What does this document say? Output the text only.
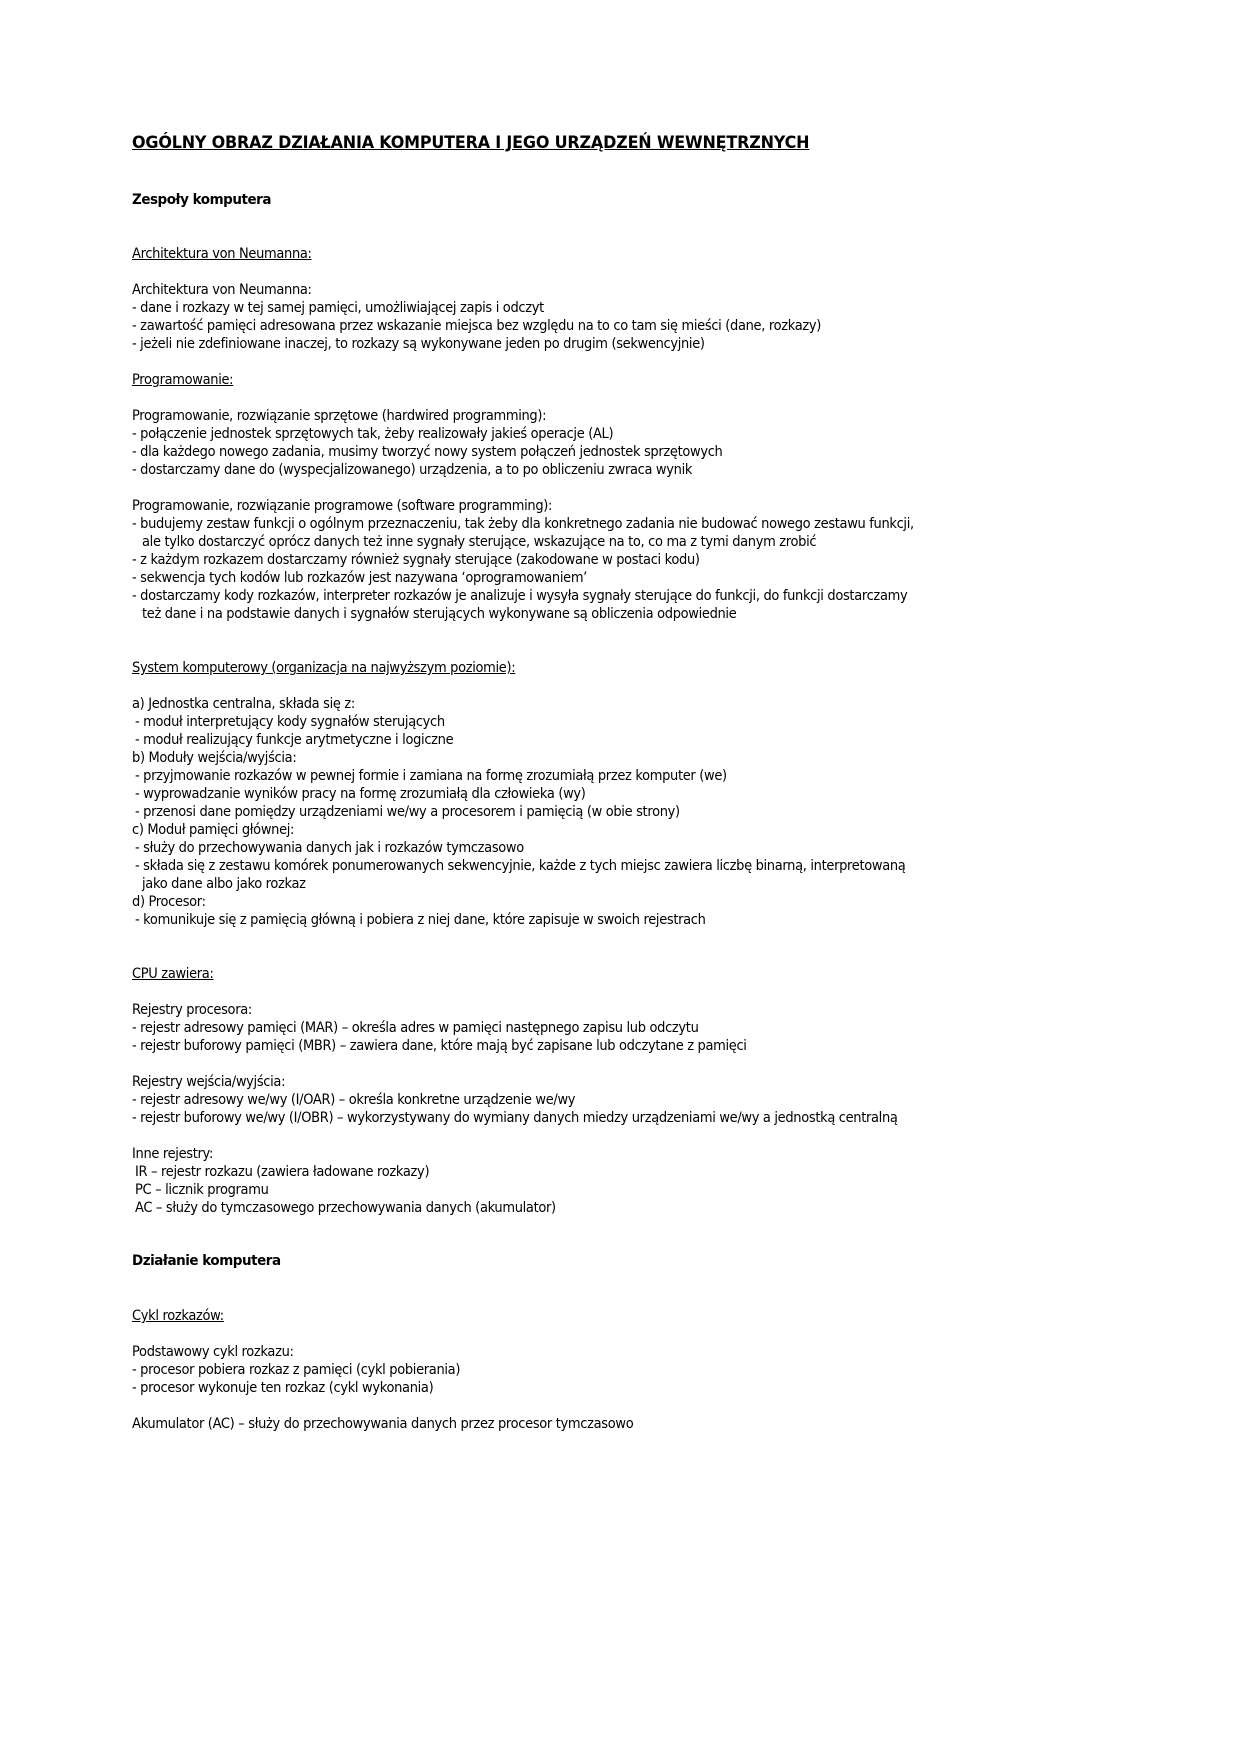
OGÓLNY OBRAZ DZIAŁANIA KOMPUTERA I JEGO URZĄDZEŃ WEWNĘTRZNYCH
Zespoły komputera
Architektura von Neumanna:
Architektura von Neumanna:
- dane i rozkazy w tej samej pamięci, umożliwiającej zapis i odczyt
- zawartość pamięci adresowana przez wskazanie miejsca bez względu na to co tam się mieści (dane, rozkazy)
- jeżeli nie zdefiniowane inaczej, to rozkazy są wykonywane jeden po drugim (sekwencyjnie)
Programowanie:
Programowanie, rozwiązanie sprzętowe (hardwired programming):
- połączenie jednostek sprzętowych tak, żeby realizowały jakieś operacje (AL)
- dla każdego nowego zadania, musimy tworzyć nowy system połączeń jednostek sprzętowych
- dostarczamy dane do (wyspecjalizowanego) urządzenia, a to po obliczeniu zwraca wynik
Programowanie, rozwiązanie programowe (software programming):
- budujemy zestaw funkcji o ogólnym przeznaczeniu, tak żeby dla konkretnego zadania nie budować nowego zestawu funkcji,
ale tylko dostarczyć oprócz danych też inne sygnały sterujące, wskazujące na to, co ma z tymi danym zrobić
- z każdym rozkazem dostarczamy również sygnały sterujące (zakodowane w postaci kodu)
- sekwencja tych kodów lub rozkazów jest nazywana ‘oprogramowaniem’
- dostarczamy kody rozkazów, interpreter rozkazów je analizuje i wysyła sygnały sterujące do funkcji, do funkcji dostarczamy
też dane i na podstawie danych i sygnałów sterujących wykonywane są obliczenia odpowiednie
System komputerowy (organizacja na najwyższym poziomie):
a) Jednostka centralna, składa się z:
- moduł interpretujący kody sygnałów sterujących
- moduł realizujący funkcje arytmetyczne i logiczne
b) Moduły wejścia/wyjścia:
- przyjmowanie rozkazów w pewnej formie i zamiana na formę zrozumiałą przez komputer (we)
- wyprowadzanie wyników pracy na formę zrozumiałą dla człowieka (wy)
- przenosi dane pomiędzy urządzeniami we/wy a procesorem i pamięcią (w obie strony)
c) Moduł pamięci głównej:
- służy do przechowywania danych jak i rozkazów tymczasowo
- składa się z zestawu komórek ponumerowanych sekwencyjnie, każde z tych miejsc zawiera liczbę binarną, interpretowaną
jako dane albo jako rozkaz
d) Procesor:
- komunikuje się z pamięcią główną i pobiera z niej dane, które zapisuje w swoich rejestrach
CPU zawiera:
Rejestry procesora:
- rejestr adresowy pamięci (MAR) – określa adres w pamięci następnego zapisu lub odczytu
- rejestr buforowy pamięci (MBR) – zawiera dane, które mają być zapisane lub odczytane z pamięci
Rejestry wejścia/wyjścia:
- rejestr adresowy we/wy (I/OAR) – określa konkretne urządzenie we/wy
- rejestr buforowy we/wy (I/OBR) – wykorzystywany do wymiany danych miedzy urządzeniami we/wy a jednostką centralną
Inne rejestry:
IR – rejestr rozkazu (zawiera ładowane rozkazy)
PC – licznik programu
AC – służy do tymczasowego przechowywania danych (akumulator)
Działanie komputera
Cykl rozkazów:
Podstawowy cykl rozkazu:
- procesor pobiera rozkaz z pamięci (cykl pobierania)
- procesor wykonuje ten rozkaz (cykl wykonania)
Akumulator (AC) – służy do przechowywania danych przez procesor tymczasowo
